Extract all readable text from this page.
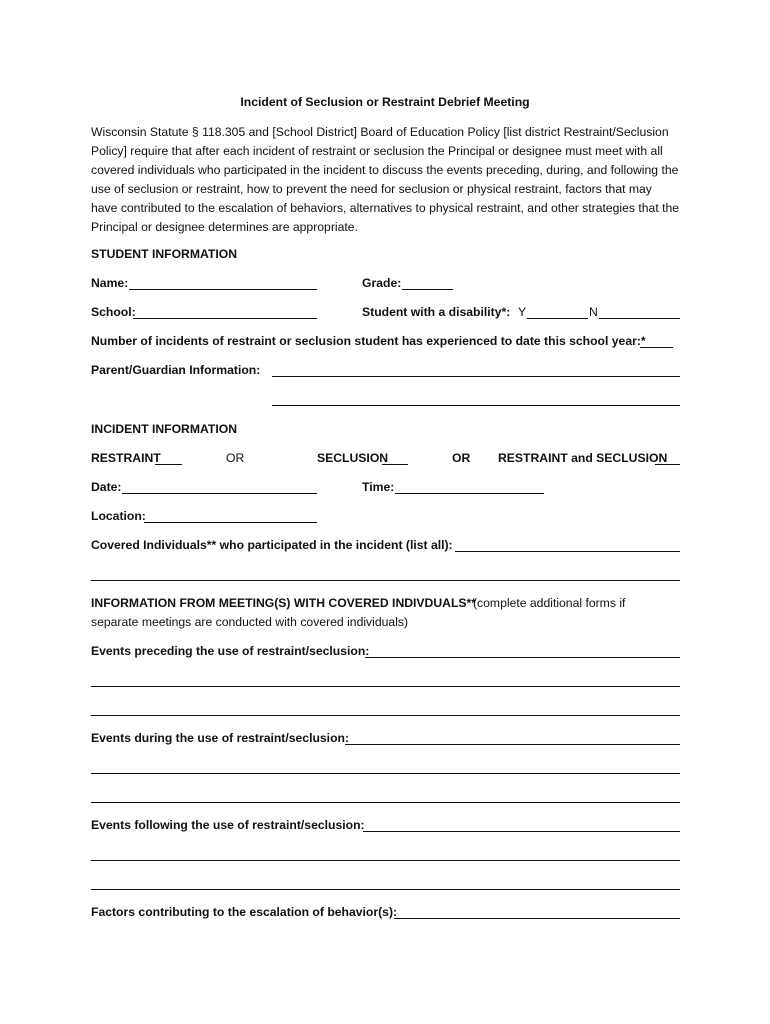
Incident of Seclusion or Restraint Debrief Meeting
Wisconsin Statute § 118.305 and [School District] Board of Education Policy [list district Restraint/Seclusion Policy] require that after each incident of restraint or seclusion the Principal or designee must meet with all covered individuals who participated in the incident to discuss the events preceding, during, and following the use of seclusion or restraint, how to prevent the need for seclusion or physical restraint, factors that may have contributed to the escalation of behaviors, alternatives to physical restraint, and other strategies that the Principal or designee determines are appropriate.
STUDENT INFORMATION
Name:	Grade:
School:	Student with a disability*: Y	N
Number of incidents of restraint or seclusion student has experienced to date this school year:*
Parent/Guardian Information:
INCIDENT INFORMATION
RESTRAINT	OR	SECLUSION	OR RESTRAINT and SECLUSION
Date:	Time:
Location:
Covered Individuals** who participated in the incident (list all):
INFORMATION FROM MEETING(S) WITH COVERED INDIVDUALS**
(complete additional forms if
separate meetings are conducted with covered individuals)
Events preceding the use of restraint/seclusion:
Events during the use of restraint/seclusion:
Events following the use of restraint/seclusion:
Factors contributing to the escalation of behavior(s):
